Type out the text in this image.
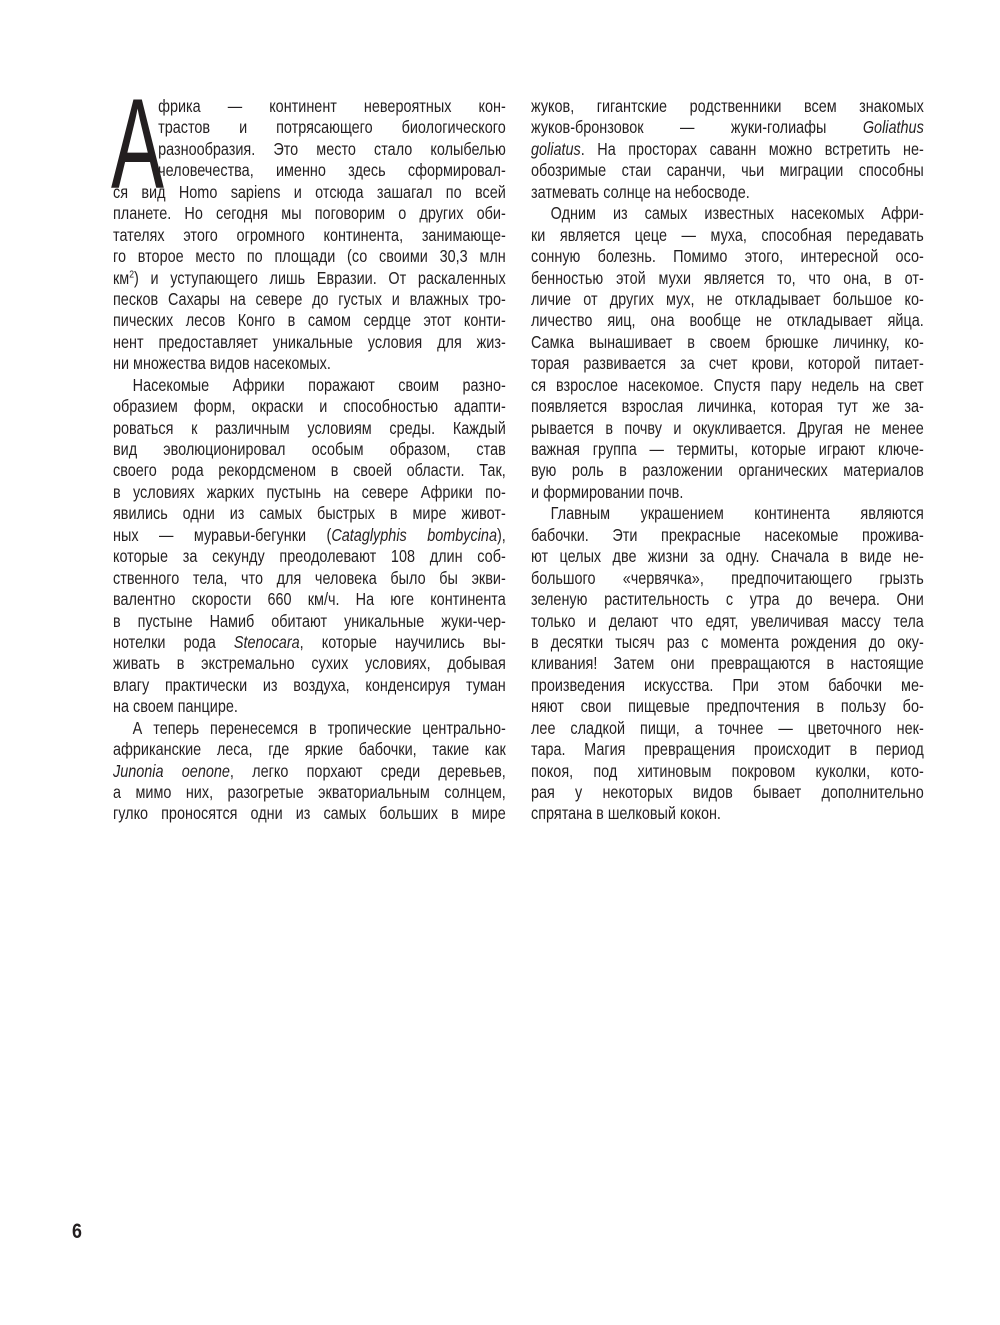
фрика — континент невероятных кон-
трастов и потрясающего биологического
разнообразия. Это место стало колыбелью
человечества, именно здесь сформировал-
ся вид Homo sapiens и отсюда зашагал по всей
планете. Но сегодня мы поговорим о других оби-
тателях этого огромного континента, занимающе-
го второе место по площади (со своими 30,3 млн
$км^2$) и уступающего лишь Евразии. От раскаленных
песков Сахары на севере до густых и влажных тро-
пических лесов Конго в самом сердце этот конти-
нент предоставляет уникальные условия для жиз-
ни множества видов насекомых.
Насекомые Африки поражают своим разно-
образием форм, окраски и способностью адапти-
роваться к различным условиям среды. Каждый
вид эволюционировал особым образом, став
своего рода рекордсменом в своей области. Так,
в условиях жарких пустынь на севере Африки по-
явились одни из самых быстрых в мире живот-
ных — муравьи-бегунки (Cataglyphis bombycina),
которые за секунду преодолевают 108 длин соб-
ственного тела, что для человека было бы экви-
валентно скорости 660 км/ч. На юге континента
в пустыне Намиб обитают уникальные жуки-чер-
нотелки рода Stenocara, которые научились вы-
живать в экстремально сухих условиях, добывая
влагу практически из воздуха, конденсируя туман
на своем панцире.
А теперь перенесемся в тропические центрально-
африканские леса, где яркие бабочки, такие как
Junonia oenone, легко порхают среди деревьев,
а мимо них, разогретые экваториальным солнцем,
гулко проносятся одни из самых больших в мире
А	жуков, гигантские родственники всем знакомых
жуков-бронзовок — жуки-голиафы Goliathus
goliatus. На просторах саванн можно встретить не-
обозримые стаи саранчи, чьи миграции способны
затмевать солнце на небосводе.
Одним из самых известных насекомых Афри-
ки является цеце — муха, способная передавать
сонную болезнь. Помимо этого, интересной осо-
бенностью этой мухи является то, что она, в от-
личие от других мух, не откладывает большое ко-
личество яиц, она вообще не откладывает яйца.
Самка вынашивает в своем брюшке личинку, ко-
торая развивается за счет крови, которой питает-
ся взрослое насекомое. Спустя пару недель на свет
появляется взрослая личинка, которая тут же за-
рывается в почву и окукливается. Другая не менее
важная группа — термиты, которые играют ключе-
вую роль в разложении органических материалов
и формировании почв.
Главным украшением континента являются
бабочки. Эти прекрасные насекомые прожива-
ют целых две жизни за одну. Сначала в виде не-
большого «червячка», предпочитающего грызть
зеленую растительность с утра до вечера. Они
только и делают что едят, увеличивая массу тела
в десятки тысяч раз с момента рождения до оку-
кливания! Затем они превращаются в настоящие
произведения искусства. При этом бабочки ме-
няют свои пищевые предпочтения в пользу бо-
лее сладкой пищи, а точнее — цветочного нек-
тара. Магия превращения происходит в период
покоя, под хитиновым покровом куколки, кото-
рая у некоторых видов бывает дополнительно
спрятана в шелковый кокон.
6
